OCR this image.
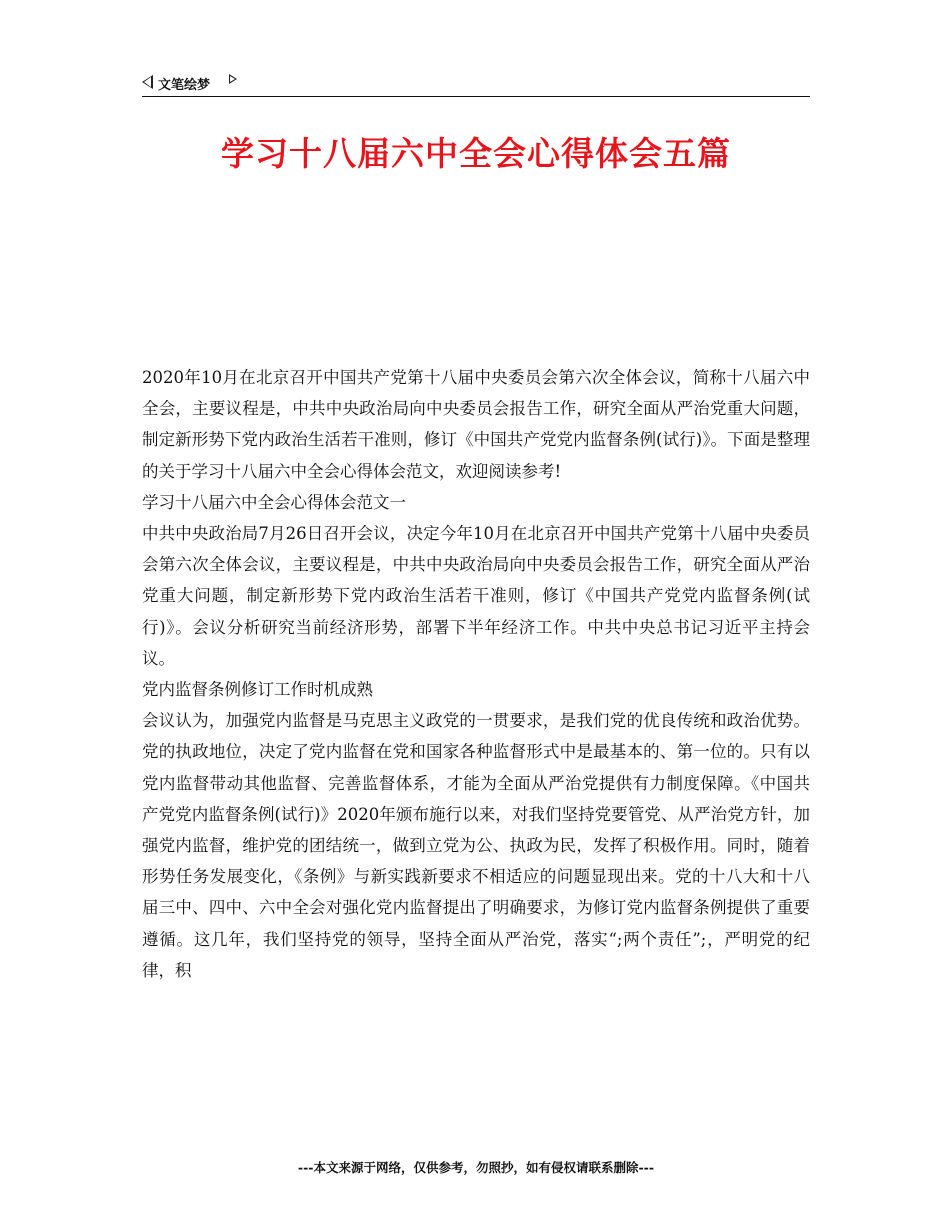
文笔绘梦
学习十八届六中全会心得体会五篇

2020年10月在北京召开中国共产党第十八届中央委员会第六次全体会议，简称十八届六中全会，主要议程是，中共中央政治局向中央委员会报告工作，研究全面从严治党重大问题，制定新形势下党内政治生活若干准则，修订《中国共产党党内监督条例(试行)》。下面是整理的关于学习十八届六中全会心得体会范文，欢迎阅读参考!

学习十八届六中全会心得体会范文一

中共中央政治局7月26日召开会议，决定今年10月在北京召开中国共产党第十八届中央委员会第六次全体会议，主要议程是，中共中央政治局向中央委员会报告工作，研究全面从严治党重大问题，制定新形势下党内政治生活若干准则，修订《中国共产党党内监督条例(试行)》。会议分析研究当前经济形势，部署下半年经济工作。中共中央总书记习近平主持会议。

党内监督条例修订工作时机成熟

会议认为，加强党内监督是马克思主义政党的一贯要求，是我们党的优良传统和政治优势。党的执政地位，决定了党内监督在党和国家各种监督形式中是最基本的、第一位的。只有以党内监督带动其他监督、完善监督体系，才能为全面从严治党提供有力制度保障。《中国共产党党内监督条例(试行)》2020年颁布施行以来，对我们坚持党要管党、从严治党方针，加强党内监督，维护党的团结统一，做到立党为公、执政为民，发挥了积极作用。同时，随着形势任务发展变化，《条例》与新实践新要求不相适应的问题显现出来。党的十八大和十八届三中、四中、六中全会对强化党内监督提出了明确要求，为修订党内监督条例提供了重要遵循。这几年，我们坚持党的领导，坚持全面从严治党，落实“;两个责任”;，严明党的纪律，积

---本文来源于网络，仅供参考，勿照抄，如有侵权请联系删除---
